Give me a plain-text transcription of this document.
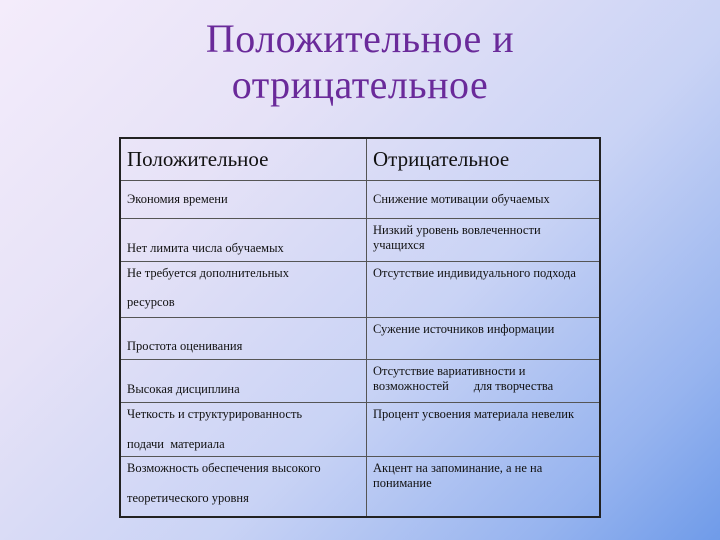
Положительное и
отрицательное
Положительное	Отрицательное
Экономия времени	Снижение мотивации обучаемых
Нет лимита числа обучаемых	Низкий уровень вовлеченности учащихся
Не требуется дополнительных
ресурсов	Отсутствие индивидуального подхода
Простота оценивания	Сужение источников информации
Высокая дисциплина	Отсутствие вариативности и
возможностей        для творчества

Четкость и структурированность
подачи  материала	Процент усвоения материала невелик
Возможность обеспечения высокого
теоретического уровня	Акцент на запоминание, а не на понимание
